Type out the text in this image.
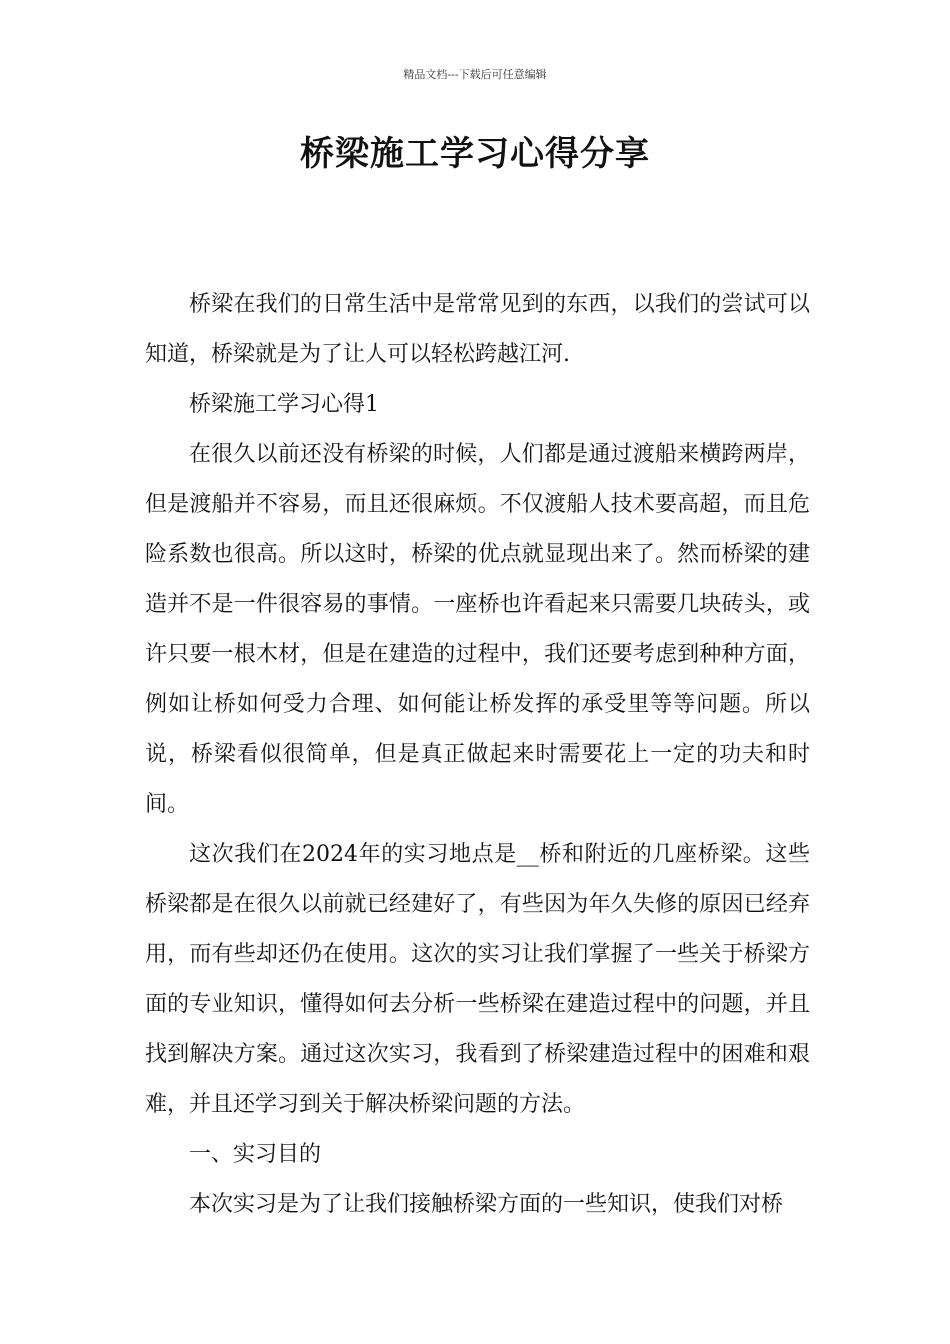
精品文档---下载后可任意编辑
桥梁施工学习心得分享

桥梁在我们的日常生活中是常常见到的东西，以我们的尝试可以知道，桥梁就是为了让人可以轻松跨越江河.

桥梁施工学习心得1

在很久以前还没有桥梁的时候，人们都是通过渡船来横跨两岸，但是渡船并不容易，而且还很麻烦。不仅渡船人技术要高超，而且危险系数也很高。所以这时，桥梁的优点就显现出来了。然而桥梁的建造并不是一件很容易的事情。一座桥也许看起来只需要几块砖头，或许只要一根木材，但是在建造的过程中，我们还要考虑到种种方面，例如让桥如何受力合理、如何能让桥发挥的承受里等等问题。所以说，桥梁看似很简单，但是真正做起来时需要花上一定的功夫和时间。

这次我们在2024年的实习地点是__桥和附近的几座桥梁。这些桥梁都是在很久以前就已经建好了，有些因为年久失修的原因已经弃用，而有些却还仍在使用。这次的实习让我们掌握了一些关于桥梁方面的专业知识，懂得如何去分析一些桥梁在建造过程中的问题，并且找到解决方案。通过这次实习，我看到了桥梁建造过程中的困难和艰难，并且还学习到关于解决桥梁问题的方法。

一、实习目的

本次实习是为了让我们接触桥梁方面的一些知识，使我们对桥
